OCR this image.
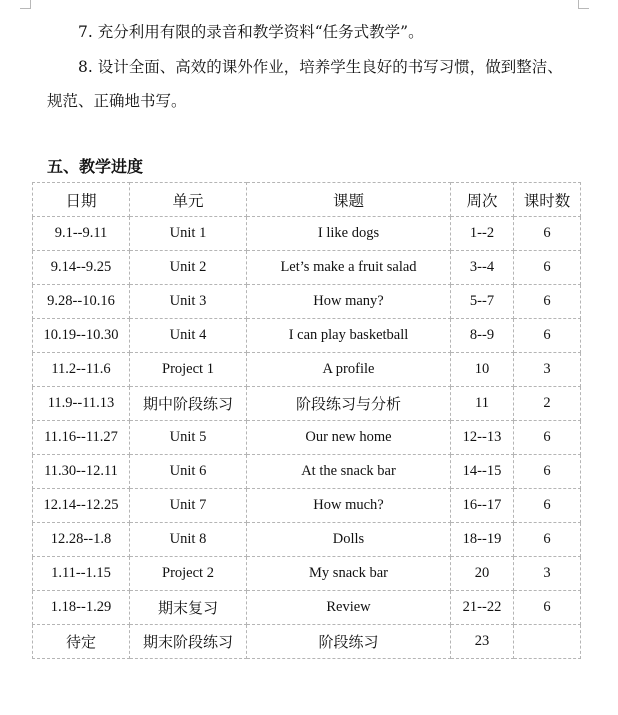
7. 充分利用有限的录音和教学资料“任务式教学”。

8. 设计全面、高效的课外作业，培养学生良好的书写习惯，做到整洁、规范、正确地书写。

五、教学进度
日期	单元	课题	周次	课时数
9.1--9.11	Unit 1	I like dogs	1--2	6
9.14--9.25	Unit 2	Let’s make a fruit salad	3--4	6
9.28--10.16	Unit 3	How many?	5--7	6
10.19--10.30	Unit 4	I can play basketball	8--9	6
11.2--11.6	Project 1	A profile	10	3
11.9--11.13	期中阶段练习	阶段练习与分析	11	2
11.16--11.27	Unit 5	Our new home	12--13	6
11.30--12.11	Unit 6	At the snack bar	14--15	6
12.14--12.25	Unit 7	How much?	16--17	6
12.28--1.8	Unit 8	Dolls	18--19	6
1.11--1.15	Project 2	My snack bar	20	3
1.18--1.29	期末复习	Review	21--22	6
待定	期末阶段练习	阶段练习	23	
